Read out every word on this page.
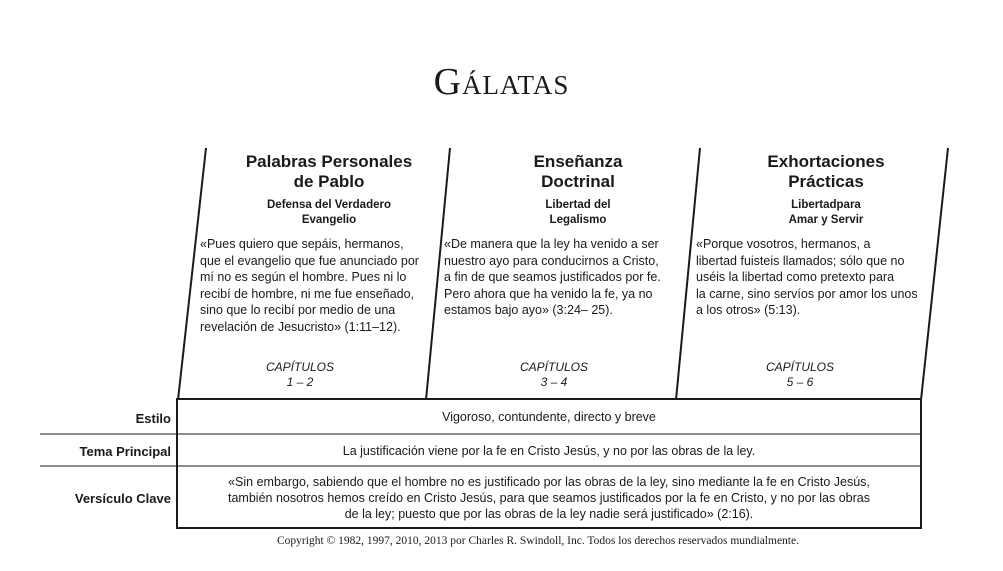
Gálatas
Palabras Personales
de Pablo
Defensa del Verdadero
Evangelio
«Pues quiero que sepáis, hermanos,
que el evangelio que fue anunciado por
mí no es según el hombre. Pues ni lo
recibí de hombre, ni me fue enseñado,
sino que lo recibí por medio de una
revelación de Jesucristo» (1:11–12).
CAPÍTULOS
1 – 2
Enseñanza
Doctrinal
Libertad del
Legalismo
«De manera que la ley ha venido a ser
nuestro ayo para conducirnos a Cristo,
a fin de que seamos justificados por fe.
Pero ahora que ha venido la fe, ya no
estamos bajo ayo» (3:24– 25).
CAPÍTULOS
3 – 4
Exhortaciones
Prácticas
Libertadpara
Amar y Servir
«Porque vosotros, hermanos, a
libertad fuisteis llamados; sólo que no
uséis la libertad como pretexto para
la carne, sino servíos por amor los unos
a los otros» (5:13).
CAPÍTULOS
5 – 6
Estilo	Vigoroso, contundente, directo y breve
Tema Principal	La justificación viene por la fe en Cristo Jesús, y no por las obras de la ley.
Versículo Clave
«Sin embargo, sabiendo que el hombre no es justificado por las obras de la ley, sino mediante la fe en Cristo Jesús,
también nosotros hemos creído en Cristo Jesús, para que seamos justificados por la fe en Cristo, y no por las obras
de la ley; puesto que por las obras de la ley nadie será justificado» (2:16).
Copyright © 1982, 1997, 2010, 2013 por Charles R. Swindoll, Inc. Todos los derechos reservados mundialmente.
